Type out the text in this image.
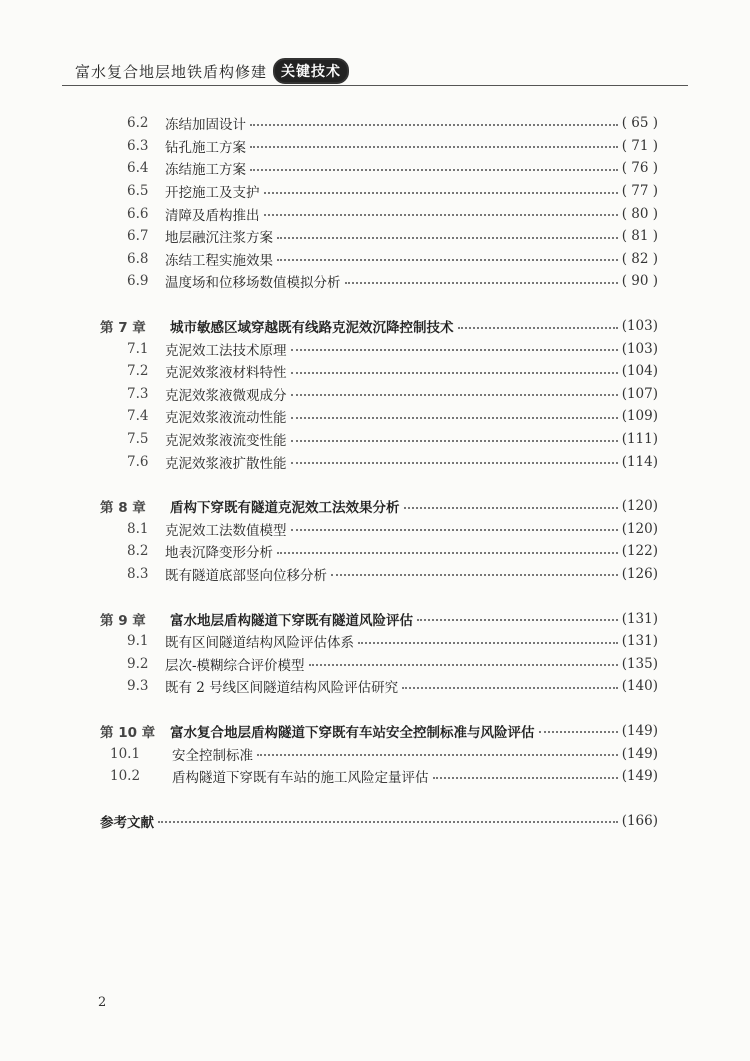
富水复合地层地铁盾构修建	关键技术
6.2	冻结加固设计	( 65 )
6.3	钻孔施工方案	( 71 )
6.4	冻结施工方案	( 76 )
6.5	开挖施工及支护	( 77 )
6.6	清障及盾构推出	( 80 )
6.7	地层融沉注浆方案	( 81 )
6.8	冻结工程实施效果	( 82 )
6.9	温度场和位移场数值模拟分析	( 90 )
第 7 章	城市敏感区域穿越既有线路克泥效沉降控制技术	(103)
7.1	克泥效工法技术原理	(103)
7.2	克泥效浆液材料特性	(104)
7.3	克泥效浆液微观成分	(107)
7.4	克泥效浆液流动性能	(109)
7.5	克泥效浆液流变性能	(111)
7.6	克泥效浆液扩散性能	(114)
第 8 章	盾构下穿既有隧道克泥效工法效果分析	(120)
8.1	克泥效工法数值模型	(120)
8.2	地表沉降变形分析	(122)
8.3	既有隧道底部竖向位移分析	(126)
第 9 章	富水地层盾构隧道下穿既有隧道风险评估	(131)
9.1	既有区间隧道结构风险评估体系	(131)
9.2	层次-模糊综合评价模型	(135)
9.3	既有 2 号线区间隧道结构风险评估研究	(140)
第 10 章	富水复合地层盾构隧道下穿既有车站安全控制标准与风险评估	(149)
10.1	安全控制标准	(149)
10.2	盾构隧道下穿既有车站的施工风险定量评估	(149)
参考文献	(166)
2
